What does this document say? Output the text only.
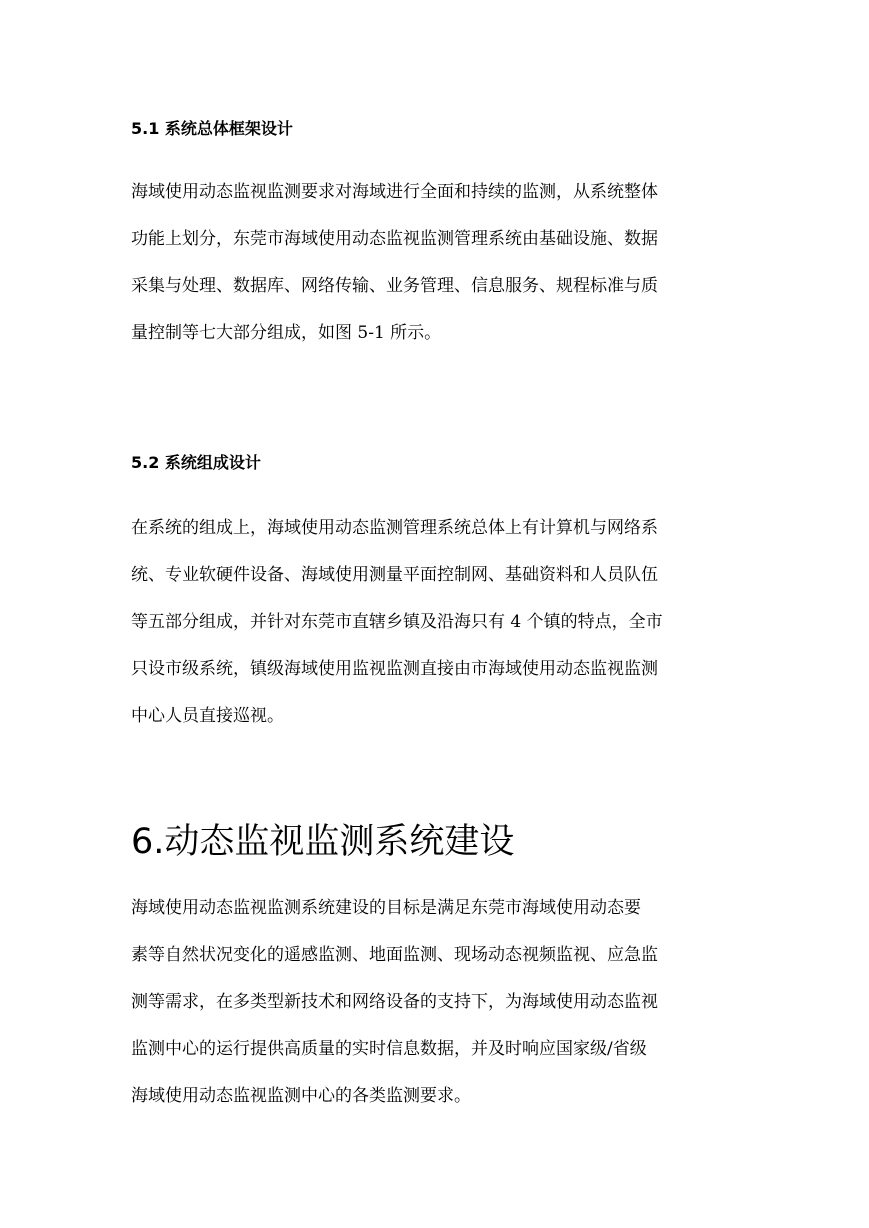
5.1 系统总体框架设计
海域使用动态监视监测要求对海域进行全面和持续的监测，从系统整体
功能上划分，东莞市海域使用动态监视监测管理系统由基础设施、数据
采集与处理、数据库、网络传输、业务管理、信息服务、规程标准与质
量控制等七大部分组成，如图 5-1 所示。
5.2 系统组成设计
在系统的组成上，海域使用动态监测管理系统总体上有计算机与网络系
统、专业软硬件设备、海域使用测量平面控制网、基础资料和人员队伍
等五部分组成，并针对东莞市直辖乡镇及沿海只有 4 个镇的特点，全市
只设市级系统，镇级海域使用监视监测直接由市海域使用动态监视监测
中心人员直接巡视。
6.动态监视监测系统建设
海域使用动态监视监测系统建设的目标是满足东莞市海域使用动态要
素等自然状况变化的遥感监测、地面监测、现场动态视频监视、应急监
测等需求，在多类型新技术和网络设备的支持下，为海域使用动态监视
监测中心的运行提供高质量的实时信息数据，并及时响应国家级/省级
海域使用动态监视监测中心的各类监测要求。
